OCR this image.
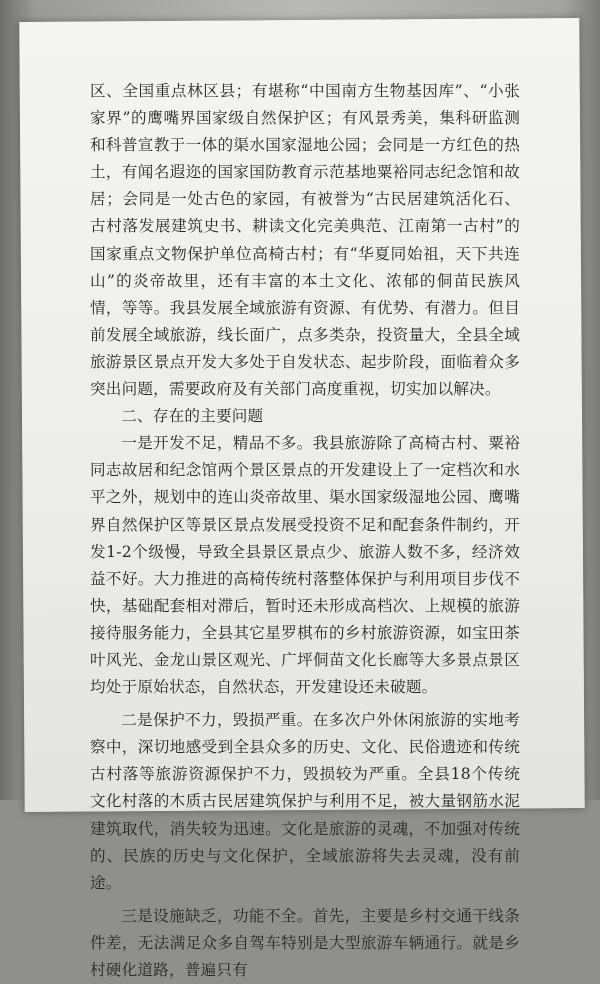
区、全国重点林区县；有堪称“中国南方生物基因库”、“小张家界”的鹰嘴界国家级自然保护区；有风景秀美，集科研监测和科普宣教于一体的渠水国家湿地公园；会同是一方红色的热土，有闻名遐迩的国家国防教育示范基地粟裕同志纪念馆和故居；会同是一处古色的家园，有被誉为“古民居建筑活化石、古村落发展建筑史书、耕读文化完美典范、江南第一古村”的国家重点文物保护单位高椅古村；有“华夏同始祖，天下共连山”的炎帝故里，还有丰富的本土文化、浓郁的侗苗民族风情，等等。我县发展全域旅游有资源、有优势、有潜力。但目前发展全域旅游，线长面广，点多类杂，投资量大，全县全域旅游景区景点开发大多处于自发状态、起步阶段，面临着众多突出问题，需要政府及有关部门高度重视，切实加以解决。

二、存在的主要问题

一是开发不足，精品不多。我县旅游除了高椅古村、粟裕同志故居和纪念馆两个景区景点的开发建设上了一定档次和水平之外，规划中的连山炎帝故里、渠水国家级湿地公园、鹰嘴界自然保护区等景区景点发展受投资不足和配套条件制约，开发1-2个级慢，导致全县景区景点少、旅游人数不多，经济效益不好。大力推进的高椅传统村落整体保护与利用项目步伐不快，基础配套相对滞后，暂时还未形成高档次、上规模的旅游接待服务能力，全县其它星罗棋布的乡村旅游资源，如宝田茶叶风光、金龙山景区观光、广坪侗苗文化长廊等大多景点景区均处于原始状态，自然状态，开发建设还未破题。

二是保护不力，毁损严重。在多次户外休闲旅游的实地考察中，深切地感受到全县众多的历史、文化、民俗遗迹和传统古村落等旅游资源保护不力，毁损较为严重。全县18个传统文化村落的木质古民居建筑保护与利用不足，被大量钢筋水泥建筑取代，消失较为迅速。文化是旅游的灵魂，不加强对传统的、民族的历史与文化保护，全域旅游将失去灵魂，没有前途。

三是设施缺乏，功能不全。首先，主要是乡村交通干线条件差，无法满足众多自驾车特别是大型旅游车辆通行。就是乡村硬化道路，普遍只有
